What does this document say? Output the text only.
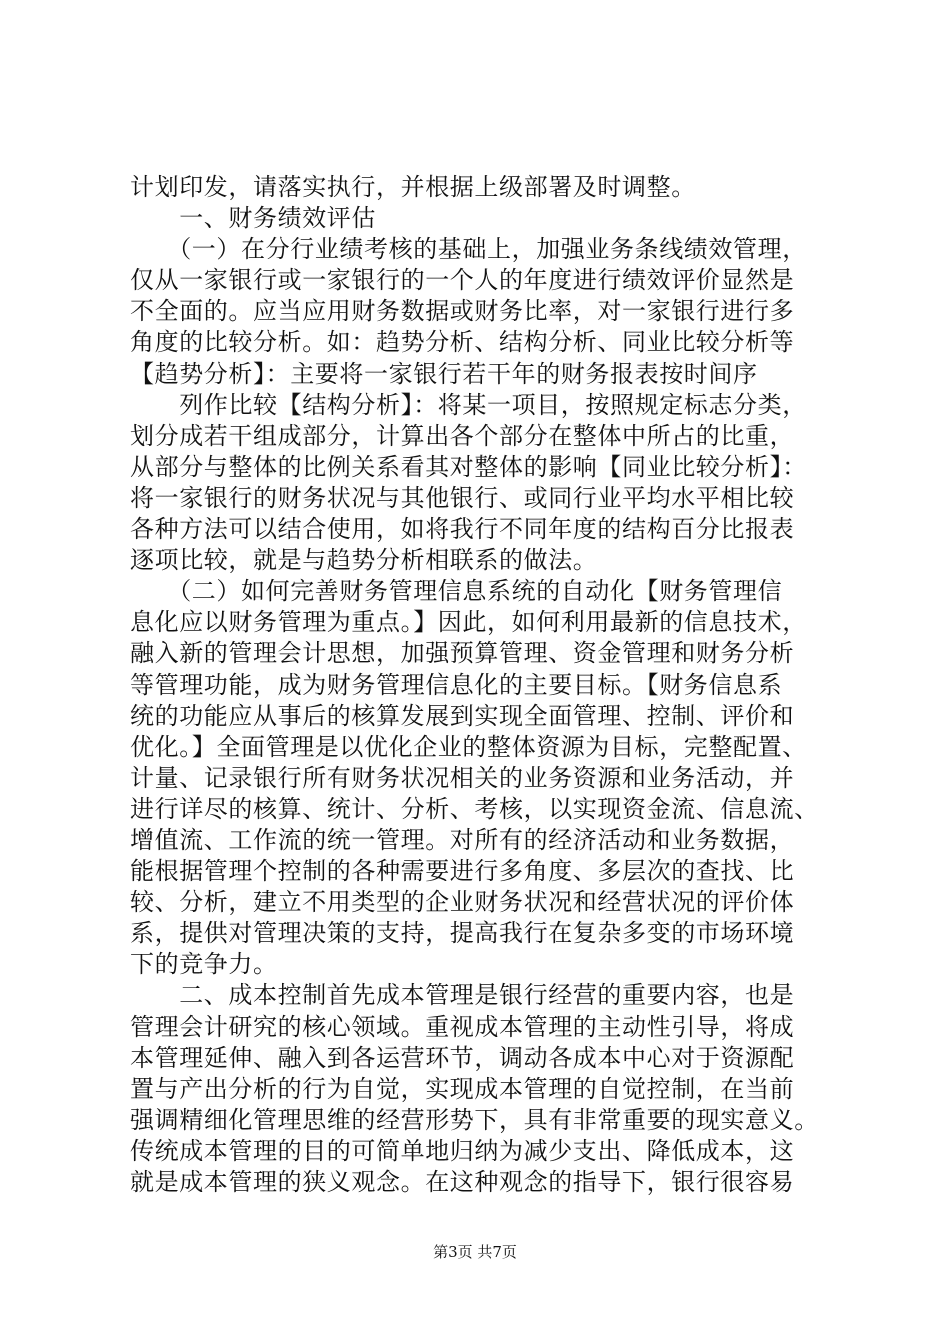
计划印发，请落实执行，并根据上级部署及时调整。
　　一、财务绩效评估
　　（一）在分行业绩考核的基础上，加强业务条线绩效管理，
仅从一家银行或一家银行的一个人的年度进行绩效评价显然是
不全面的。应当应用财务数据或财务比率，对一家银行进行多
角度的比较分析。如：趋势分析、结构分析、同业比较分析等
【趋势分析】：主要将一家银行若干年的财务报表按时间序
　　列作比较【结构分析】：将某一项目，按照规定标志分类，
划分成若干组成部分，计算出各个部分在整体中所占的比重，
从部分与整体的比例关系看其对整体的影响【同业比较分析】：
将一家银行的财务状况与其他银行、或同行业平均水平相比较
各种方法可以结合使用，如将我行不同年度的结构百分比报表
逐项比较，就是与趋势分析相联系的做法。
　　（二）如何完善财务管理信息系统的自动化【财务管理信
息化应以财务管理为重点。】因此，如何利用最新的信息技术，
融入新的管理会计思想，加强预算管理、资金管理和财务分析
等管理功能，成为财务管理信息化的主要目标。【财务信息系
统的功能应从事后的核算发展到实现全面管理、控制、评价和
优化。】全面管理是以优化企业的整体资源为目标，完整配置、
计量、记录银行所有财务状况相关的业务资源和业务活动，并
进行详尽的核算、统计、分析、考核，以实现资金流、信息流、
增值流、工作流的统一管理。对所有的经济活动和业务数据，
能根据管理个控制的各种需要进行多角度、多层次的查找、比
较、分析，建立不用类型的企业财务状况和经营状况的评价体
系，提供对管理决策的支持，提高我行在复杂多变的市场环境
下的竞争力。
　　二、成本控制首先成本管理是银行经营的重要内容，也是
管理会计研究的核心领域。重视成本管理的主动性引导，将成
本管理延伸、融入到各运营环节，调动各成本中心对于资源配
置与产出分析的行为自觉，实现成本管理的自觉控制，在当前
强调精细化管理思维的经营形势下，具有非常重要的现实意义。
传统成本管理的目的可简单地归纳为减少支出、降低成本，这
就是成本管理的狭义观念。在这种观念的指导下，银行很容易
第3页 共7页
